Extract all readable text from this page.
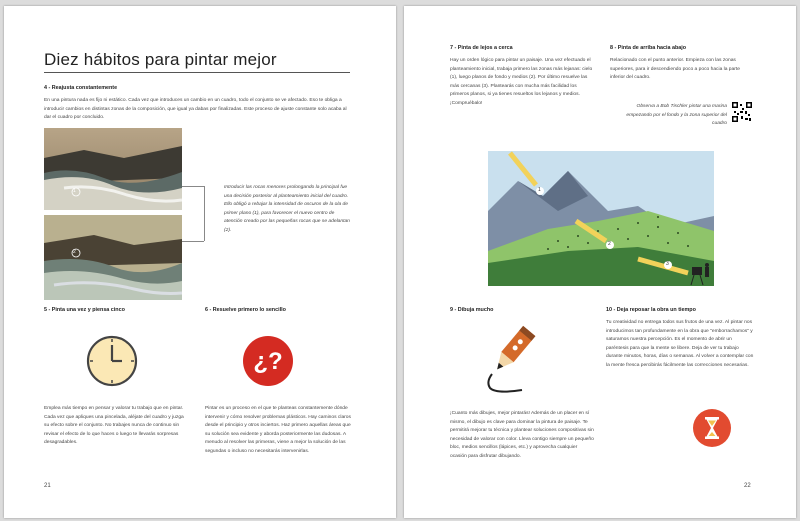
Diez hábitos para pintar mejor
4 - Reajusta constantemente
En una pintura nada es fijo ni estático. Cada vez que introduces un cambio en un cuadro, todo el conjunto se ve afectado. Eso te obliga a introducir cambios en distintas zonas de la composición, que igual ya dabas por finalizadas. Este proceso de ajuste constante solo acaba al dar el cuadro por concluido.
1
2
Introducir las rocas menores prolongando la principal fue una decisión posterior al planteamiento inicial del cuadro. Ello obligó a rebajar la intensidad de oscuros de la ola de primer plano (1), para favorecer el nuevo centro de atención creado por las pequeñas rocas que se adelantan (2).
5 - Pinta una vez y piensa cinco
Emplea más tiempo en pensar y valorar tu trabajo que en pintar. Cada vez que apliques una pincelada, aléjate del cuadro y juzga su efecto sobre el conjunto. No trabajes nunca de continuo sin revisar el efecto de lo que haces o luego te llevarás sorpresas desagradables.
6 - Resuelve primero lo sencillo
¿?
Pintar es un proceso en el que te planteas constantemente dónde intervenir y cómo resolver problemas plásticos. Hay caminos claros desde el principio y otros inciertos. Haz primero aquellas áreas que su solución sea evidente y aborda posteriormente las dudosas. A menudo al resolver las primeras, viene a mejor la solución de las segundas o incluso no necesitarás intervenirlas.
21
7 - Pinta de lejos a cerca
Hay un orden lógico para pintar un paisaje. Una vez efectuado el planteamiento inicial, trabaja primero las zonas más lejanas: cielo (1), luego planos de fondo y medios (2). Por último resuelve las más cercanas (3). Plantearás con mucha más facilidad los primeros planos, si ya tienes resueltos los lejanos y medios. ¡Compruébalo!
8 - Pinta de arriba hacia abajo
Relacionado con el punto anterior. Empieza con las zonas superiores, para ir descendiendo poco a poco hacia la parte inferior del cuadro.
Observa a Bob Tischler pintar una marina empezando por el fondo y la zona superior del cuadro
1
2
3
9 - Dibuja mucho
¡Cuanto más dibujes, mejor pintarás! Además de un placer en sí mismo, el dibujo es clave para dominar la pintura de paisaje. Te permitirá mejorar tu técnica y plantear soluciones compositivas sin necesidad de valorar con color. Lleva contigo siempre un pequeño bloc, medios sencillos (lápices, etc.) y aprovecha cualquier ocasión para disfrutar dibujando.
10 - Deja reposar la obra un tiempo
Tu creatividad no entrega todos sus frutos de una vez. Al pintar nos introducimos tan profundamente en la obra que "emborrachamos" y saturamos nuestra percepción. Es el momento de abrir un paréntesis para que la mente se libere. Deja de ver tu trabajo durante minutos, horas, días o semanas. Al volver a contemplar con la mente fresca percibirás fácilmente las correcciones necesarias.
22
